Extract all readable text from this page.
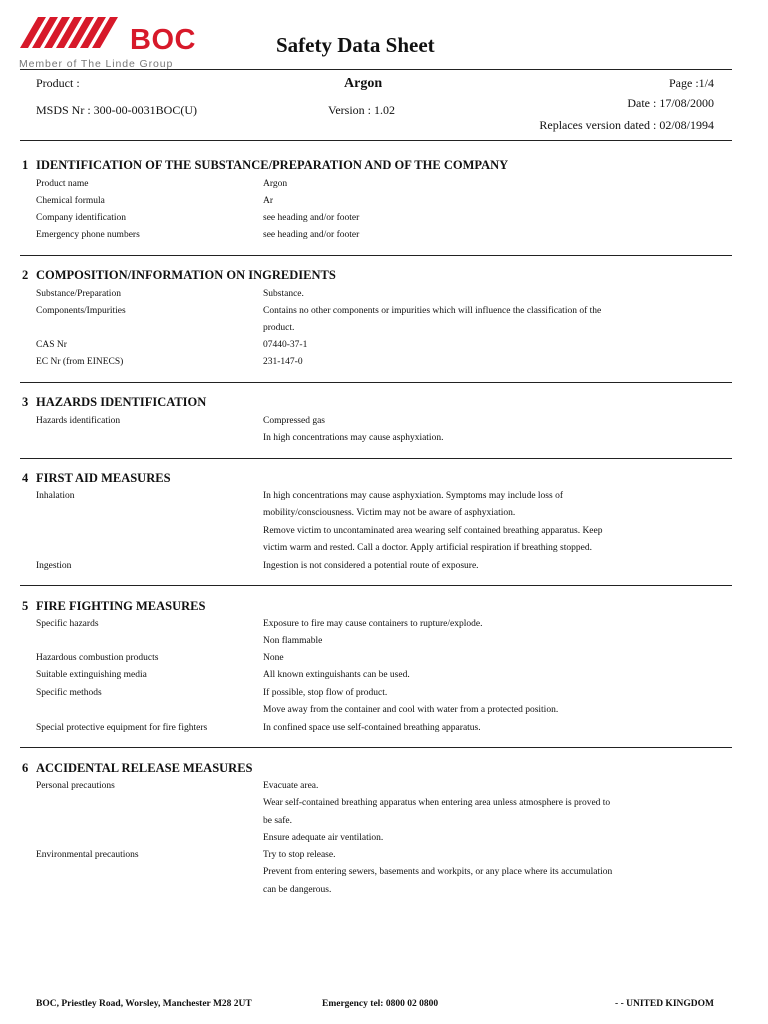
BOC
Member of The Linde Group
Safety Data Sheet
Product :	Argon	Page :1/4
MSDS Nr : 300-00-0031BOC(U)	Version : 1.02	Date : 17/08/2000
Replaces version dated : 02/08/1994
1 IDENTIFICATION OF THE SUBSTANCE/PREPARATION AND OF THE COMPANY
Product name	Argon
Chemical formula	Ar
Company identification	see heading and/or footer
Emergency phone numbers	see heading and/or footer
2 COMPOSITION/INFORMATION ON INGREDIENTS
Substance/Preparation	Substance.
Components/Impurities	Contains no other components or impurities which will influence the classification of the
product.
CAS Nr	07440-37-1
EC Nr (from EINECS)	231-147-0
3 HAZARDS IDENTIFICATION
Hazards identification	Compressed gas
In high concentrations may cause asphyxiation.
4 FIRST AID MEASURES
Inhalation	In high concentrations may cause asphyxiation. Symptoms may include loss of
mobility/consciousness. Victim may not be aware of asphyxiation.
Remove victim to uncontaminated area wearing self contained breathing apparatus. Keep
victim warm and rested. Call a doctor. Apply artificial respiration if breathing stopped.
Ingestion	Ingestion is not considered a potential route of exposure.
5 FIRE FIGHTING MEASURES
Specific hazards	Exposure to fire may cause containers to rupture/explode.
Non flammable
Hazardous combustion products	None
Suitable extinguishing media	All known extinguishants can be used.
Specific methods	If possible, stop flow of product.
Move away from the container and cool with water from a protected position.
Special protective equipment for fire fighters	In confined space use self-contained breathing apparatus.
6 ACCIDENTAL RELEASE MEASURES
Personal precautions	Evacuate area.
Wear self-contained breathing apparatus when entering area unless atmosphere is proved to
be safe.
Ensure adequate air ventilation.
Environmental precautions	Try to stop release.
Prevent from entering sewers, basements and workpits, or any place where its accumulation
can be dangerous.
BOC, Priestley Road, Worsley, Manchester M28 2UT	Emergency tel: 0800 02 0800	- - UNITED KINGDOM
